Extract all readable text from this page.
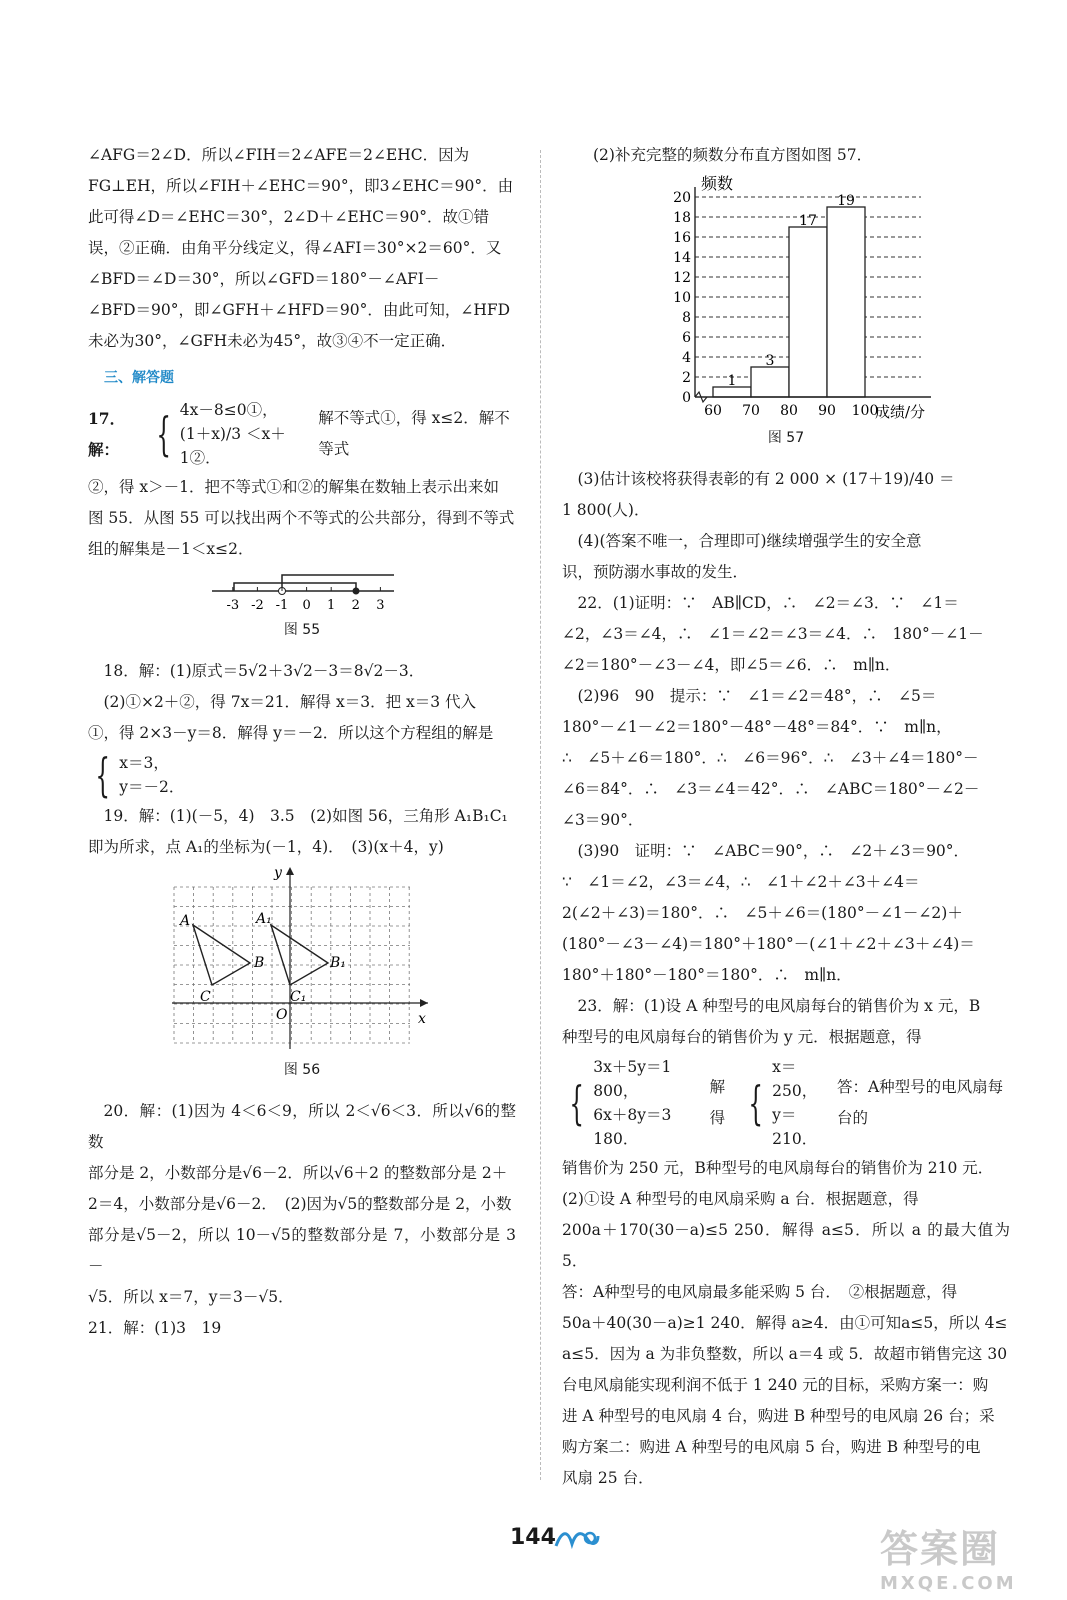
∠AFG＝2∠D．所以∠FIH＝2∠AFE＝2∠EHC．因为

FG⊥EH，所以∠FIH＋∠EHC＝90°，即3∠EHC＝90°．由

此可得∠D＝∠EHC＝30°，2∠D＋∠EHC＝90°．故①错

误，②正确．由角平分线定义，得∠AFI＝30°×2＝60°．又

∠BFD＝∠D＝30°，所以∠GFD＝180°－∠AFI－

∠BFD＝90°，即∠GFH＋∠HFD＝90°．由此可知，∠HFD

未必为30°，∠GFH未必为45°，故③④不一定正确．

三、解答题
17．解： { 4x－8≤0①，
(1＋x)/3 ＜x＋1②．
解不等式①，得 x≤2．解不等式

②，得 x＞－1．把不等式①和②的解集在数轴上表示出来如

图 55．从图 55 可以找出两个不等式的公共部分，得到不等式

组的解集是－1＜x≤2．

-3 -2 -1 0 1 2 3
图 55

18．解：(1)原式＝5√2＋3√2－3＝8√2－3．

(2)①×2＋②，得 7x＝21．解得 x＝3．把 x＝3 代入

①，得 2×3－y＝8．解得 y＝－2．所以这个方程组的解是

{ x＝3，
y＝－2．

19．解：(1)(－5，4)　3.5　(2)如图 56，三角形 A₁B₁C₁

即为所求，点 A₁的坐标为(－1，4)．　(3)(x＋4，y)

A
B
C
A₁
B₁
C₁
O	x
y
图 56

20．解：(1)因为 4＜6＜9，所以 2＜√6＜3．所以√6的整数

部分是 2，小数部分是√6－2．所以√6＋2 的整数部分是 2＋

2＝4，小数部分是√6－2．　(2)因为√5的整数部分是 2，小数

部分是√5－2，所以 10－√5的整数部分是 7，小数部分是 3－

√5．所以 x＝7，y＝3－√5．

21．解：(1)3　19

(2)补充完整的频数分布直方图如图 57．

1
3
17
19
0
2
4
6
8
10
12
14
16
18
20
60 70 80 90 100
频数
成绩/分
图 57

(3)估计该校将获得表彰的有 2 000 × (17＋19)/40 ＝

1 800(人)．

(4)(答案不唯一，合理即可)继续增强学生的安全意

识，预防溺水事故的发生．

22．(1)证明：∵　AB∥CD，∴　∠2＝∠3．∵　∠1＝

∠2，∠3＝∠4，∴　∠1＝∠2＝∠3＝∠4．∴　180°－∠1－

∠2＝180°－∠3－∠4，即∠5＝∠6．∴　m∥n．

(2)96　90　提示：∵　∠1＝∠2＝48°，∴　∠5＝

180°－∠1－∠2＝180°－48°－48°＝84°．∵　m∥n，

∴　∠5＋∠6＝180°．∴　∠6＝96°．∴　∠3＋∠4＝180°－

∠6＝84°．∴　∠3＝∠4＝42°．∴　∠ABC＝180°－∠2－

∠3＝90°．

(3)90　证明：∵　∠ABC＝90°，∴　∠2＋∠3＝90°．

∵　∠1＝∠2，∠3＝∠4，∴　∠1＋∠2＋∠3＋∠4＝

2(∠2＋∠3)＝180°．∴　∠5＋∠6＝(180°－∠1－∠2)＋

(180°－∠3－∠4)＝180°＋180°－(∠1＋∠2＋∠3＋∠4)＝

180°＋180°－180°＝180°．∴　m∥n．

23．解：(1)设 A 种型号的电风扇每台的销售价为 x 元，B

种型号的电风扇每台的销售价为 y 元．根据题意，得

{
3x＋5y＝1 800，
6x＋8y＝3 180．
解得 {
x＝250，
y＝210．
答：A种型号的电风扇每台的

销售价为 250 元，B种型号的电风扇每台的销售价为 210 元．

(2)①设 A 种型号的电风扇采购 a 台．根据题意，得

200a＋170(30－a)≤5 250．解得 a≤5．所以 a 的最大值为 5．

答：A种型号的电风扇最多能采购 5 台．　②根据题意，得

50a＋40(30－a)≥1 240．解得 a≥4．由①可知a≤5，所以 4≤

a≤5．因为 a 为非负整数，所以 a＝4 或 5．故超市销售完这 30

台电风扇能实现利润不低于 1 240 元的目标，采购方案一：购

进 A 种型号的电风扇 4 台，购进 B 种型号的电风扇 26 台；采

购方案二：购进 A 种型号的电风扇 5 台，购进 B 种型号的电

风扇 25 台．

144	答案圈
MXQE.COM
